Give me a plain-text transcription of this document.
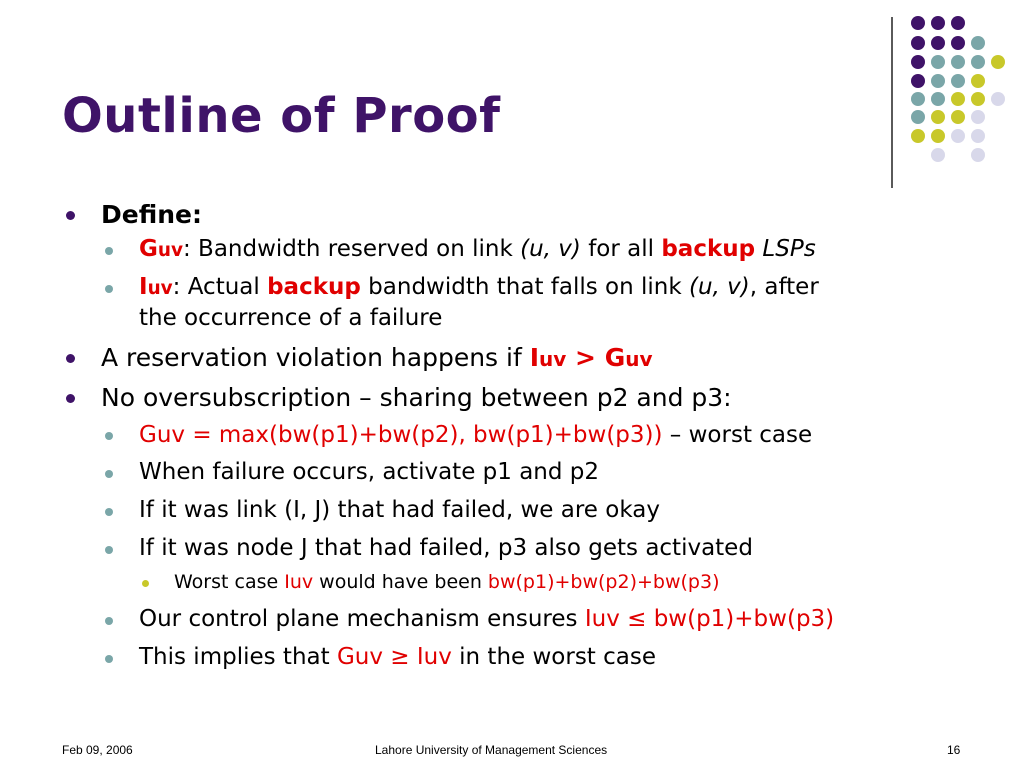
Outline of Proof
Define:
Guv: Bandwidth reserved on link (u, v) for all backup LSPs
Iuv: Actual backup bandwidth that falls on link (u, v), after
the occurrence of a failure
A reservation violation happens if Iuv > Guv
No oversubscription – sharing between p2 and p3:
Guv = max(bw(p1)+bw(p2), bw(p1)+bw(p3)) – worst case
When failure occurs, activate p1 and p2
If it was link (I, J) that had failed, we are okay
If it was node J that had failed, p3 also gets activated
Worst case Iuv would have been bw(p1)+bw(p2)+bw(p3)
Our control plane mechanism ensures Iuv ≤ bw(p1)+bw(p3)
This implies that Guv ≥ Iuv in the worst case
Feb 09, 2006	Lahore University of Management Sciences	16
